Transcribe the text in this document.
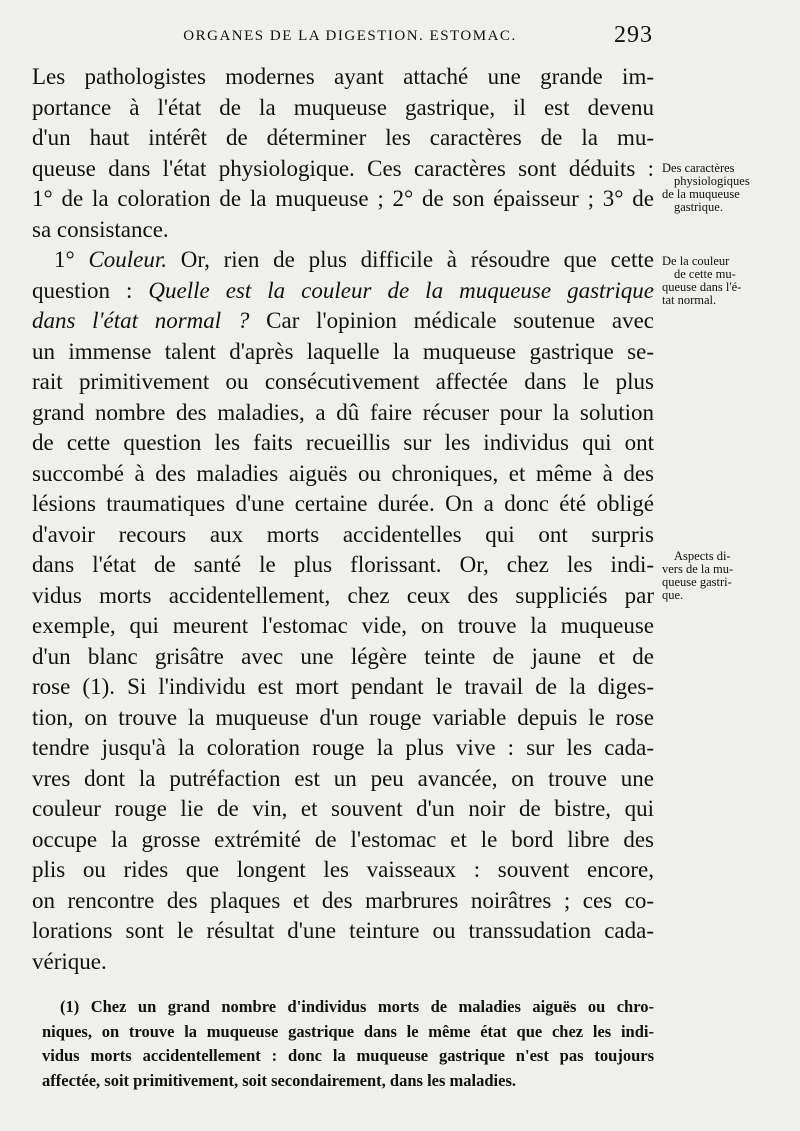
ORGANES DE LA DIGESTION. ESTOMAC.	293
Les pathologistes modernes ayant attaché une grande im-
portance à l'état de la muqueuse gastrique, il est devenu
d'un haut intérêt de déterminer les caractères de la mu-
queuse dans l'état physiologique. Ces caractères sont déduits :
1° de la coloration de la muqueuse ; 2° de son épaisseur ; 3° de
sa consistance.
1° Couleur. Or, rien de plus difficile à résoudre que cette
question : Quelle est la couleur de la muqueuse gastrique
dans l'état normal ? Car l'opinion médicale soutenue avec
un immense talent d'après laquelle la muqueuse gastrique se-
rait primitivement ou consécutivement affectée dans le plus
grand nombre des maladies, a dû faire récuser pour la solution
de cette question les faits recueillis sur les individus qui ont
succombé à des maladies aiguës ou chroniques, et même à des
lésions traumatiques d'une certaine durée. On a donc été obligé
d'avoir recours aux morts accidentelles qui ont surpris
dans l'état de santé le plus florissant. Or, chez les indi-
vidus morts accidentellement, chez ceux des suppliciés par
exemple, qui meurent l'estomac vide, on trouve la muqueuse
d'un blanc grisâtre avec une légère teinte de jaune et de
rose (1). Si l'individu est mort pendant le travail de la diges-
tion, on trouve la muqueuse d'un rouge variable depuis le rose
tendre jusqu'à la coloration rouge la plus vive : sur les cada-
vres dont la putréfaction est un peu avancée, on trouve une
couleur rouge lie de vin, et souvent d'un noir de bistre, qui
occupe la grosse extrémité de l'estomac et le bord libre des
plis ou rides que longent les vaisseaux : souvent encore,
on rencontre des plaques et des marbrures noirâtres ; ces co-
lorations sont le résultat d'une teinture ou transsudation cada-
vérique.
Des caractères
physiologiques
de la muqueuse
gastrique.
De la couleur
de cette mu-
queuse dans l'é-
tat normal.
Aspects di-
vers de la mu-
queuse gastri-
que.
(1) Chez un grand nombre d'individus morts de maladies aiguës ou chro-
niques, on trouve la muqueuse gastrique dans le même état que chez les indi-
vidus morts accidentellement : donc la muqueuse gastrique n'est pas toujours
affectée, soit primitivement, soit secondairement, dans les maladies.
